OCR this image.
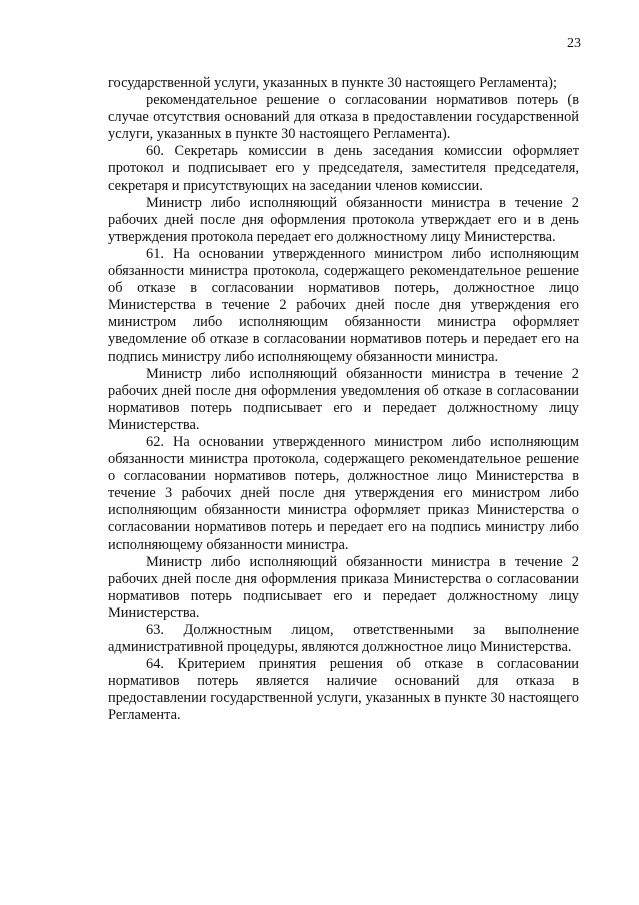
23

государственной услуги, указанных в пункте 30 настоящего Регламента);

рекомендательное решение о согласовании нормативов потерь (в случае отсутствия оснований для отказа в предоставлении государственной услуги, указанных в пункте 30 настоящего Регламента).

60. Секретарь комиссии в день заседания комиссии оформляет протокол и подписывает его у председателя, заместителя председателя, секретаря и присутствующих на заседании членов комиссии.

Министр либо исполняющий обязанности министра в течение 2 рабочих дней после дня оформления протокола утверждает его и в день утверждения протокола передает его должностному лицу Министерства.

61. На основании утвержденного министром либо исполняющим обязанности министра протокола, содержащего рекомендательное решение об отказе в согласовании нормативов потерь, должностное лицо Министерства в течение 2 рабочих дней после дня утверждения его министром либо исполняющим обязанности министра оформляет уведомление об отказе в согласовании нормативов потерь и передает его на подпись министру либо исполняющему обязанности министра.

Министр либо исполняющий обязанности министра в течение 2 рабочих дней после дня оформления уведомления об отказе в согласовании нормативов потерь подписывает его и передает должностному лицу Министерства.

62. На основании утвержденного министром либо исполняющим обязанности министра протокола, содержащего рекомендательное решение о согласовании нормативов потерь, должностное лицо Министерства в течение 3 рабочих дней после дня утверждения его министром либо исполняющим обязанности министра оформляет приказ Министерства о согласовании нормативов потерь и передает его на подпись министру либо исполняющему обязанности министра.

Министр либо исполняющий обязанности министра в течение 2 рабочих дней после дня оформления приказа Министерства о согласовании нормативов потерь подписывает его и передает должностному лицу Министерства.

63. Должностным лицом, ответственными за выполнение административной процедуры, являются должностное лицо Министерства.

64. Критерием принятия решения об отказе в согласовании нормативов потерь является наличие оснований для отказа в предоставлении государственной услуги, указанных в пункте 30 настоящего Регламента.
